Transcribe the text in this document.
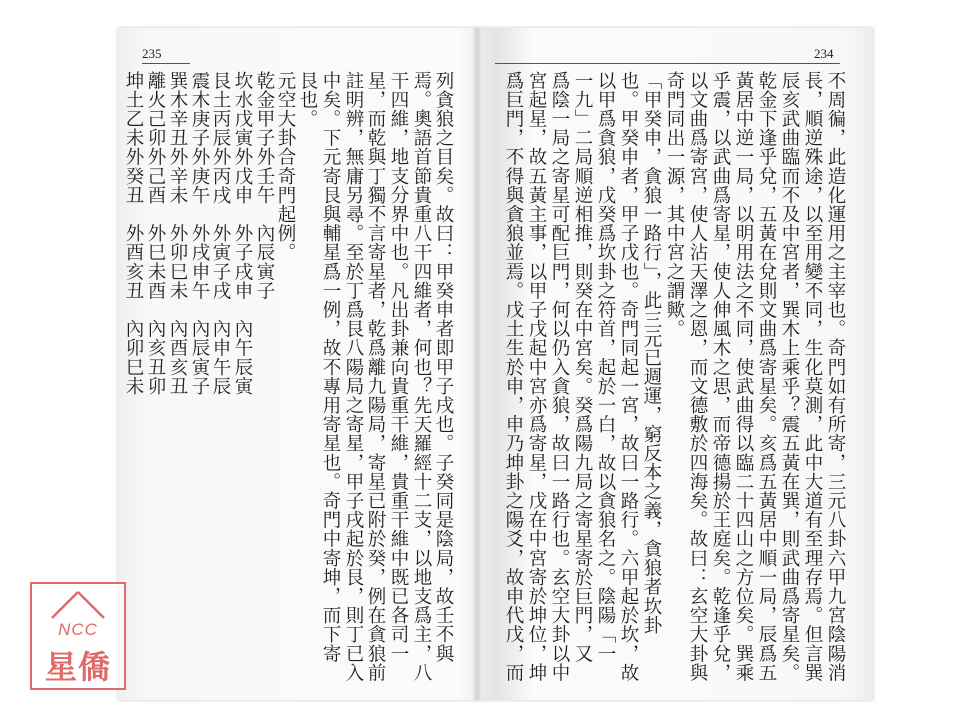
235
列貪狼之目矣。故曰：甲癸申者即甲子戌也。子癸同是陰局，故壬不與
焉。奧語首節貴重八干四維者，何也？先天羅經十二支，以地支爲主，八
干四維，地支分界中也。凡出卦兼向貴重干維，貴重干維中既已各司一
星，而乾與丁獨不言寄星者，乾爲離九陽局，寄星已附於癸，例在貪狼前
註明辨，無庸另尋。至於丁爲艮八陽局之寄星，甲子戌起於艮，則丁已入
中矣。下元寄艮與輔星爲一例，故不專用寄星也。奇門中寄坤，而下寄
艮也。
元空大卦合奇門起例。
乾金甲子外壬午　內辰寅子
坎水戊寅外戊申　外子戌申　內午辰寅
艮土丙辰外丙戌　外寅子戌　內申午辰
震木庚子外庚午　外戌申午　內辰寅子
巽木辛丑外辛未　外卯巳未　內酉亥丑
離火己卯外己酉　外巳未酉　內亥丑卯
坤土乙未外癸丑　外酉亥丑　內卯巳未
234
不周徧，此造化運用之主宰也。奇門如有所寄，三元八卦六甲九宮陰陽消
長，順逆殊途，以至用變不同，生化莫測，此中大道有至理存焉。但言巽
辰亥武曲臨而不及中宮者，巽木上乘乎？震五黃在巽，則武曲爲寄星矣。
乾金下逢乎兌，五黃在兌則文曲爲寄星矣。亥爲五黃居中順一局，辰爲五
黃居中逆一局，以明用法之不同，使武曲得以臨二十四山之方位矣。巽乘
乎震，以武曲爲寄星，使人伸風木之思，而帝德揚於王庭矣。乾逢乎兌，
以文曲爲寄宮，使人沾天澤之恩，而文德敷於四海矣。故曰：玄空大卦與
奇門同出一源，其中宮之謂歟。
「甲癸申，貪狼一路行」，此三元已週運，窮反本之義，貪狼者坎卦
也。甲癸申者，甲子戊也。奇門同起一宮，故曰一路行。六甲起於坎，故
以甲爲貪狼，戊癸爲坎卦之符首，起於一白，故以貪狼名之。陰陽「一
一九」二局順逆相推，則癸在中宮矣。癸爲陽九局之寄星寄於巨門，又
爲陰一局之寄星可配巨門，何以仍入貪狼，故曰一路行也。玄空大卦以中
宮起星，故五黃主事，以甲子戊起中宮亦爲寄星，戊在中宮寄於坤位，坤
爲巨門，不得與貪狼並焉。戊土生於申，申乃坤卦之陽爻，故申代戊，而
NCC
星僑
